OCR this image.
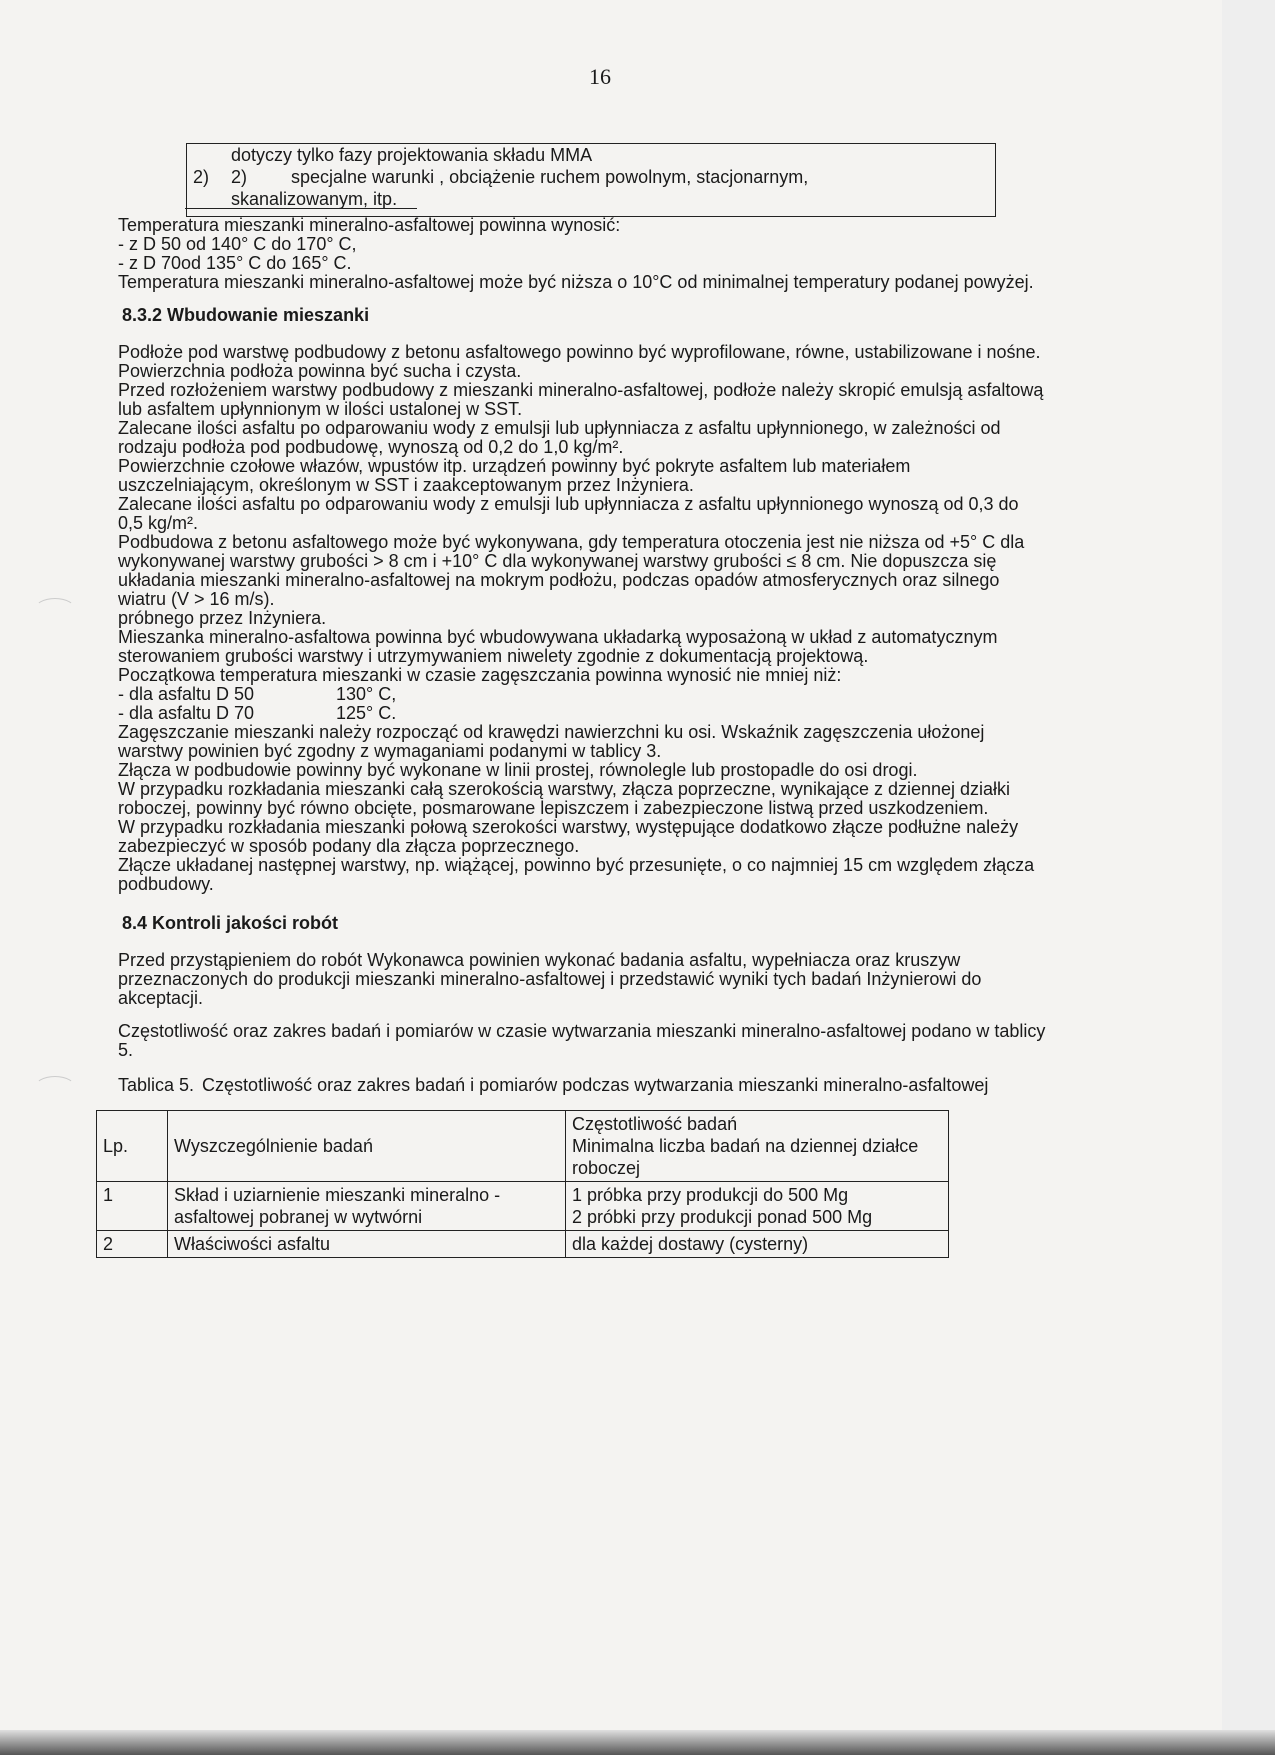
16
dotyczy tylko fazy projektowania składu MMA
2) 2) specjalne warunki , obciążenie ruchem powolnym, stacjonarnym,
skanalizowanym, itp.

Temperatura mieszanki mineralno-asfaltowej powinna wynosić:

- z D 50 od 140° C do 170° C,
- z D 70od 135° C do 165° C.

Temperatura mieszanki mineralno-asfaltowej może być niższa o 10°C od minimalnej temperatury podanej powyżej.

8.3.2 Wbudowanie mieszanki

Podłoże pod warstwę podbudowy z betonu asfaltowego powinno być wyprofilowane, równe, ustabilizowane i nośne.

Powierzchnia podłoża powinna być sucha i czysta.

Przed rozłożeniem warstwy podbudowy z mieszanki mineralno-asfaltowej, podłoże należy skropić emulsją asfaltową lub asfaltem upłynnionym w ilości ustalonej w SST.

Zalecane ilości asfaltu po odparowaniu wody z emulsji lub upłynniacza z asfaltu upłynnionego, w zależności od rodzaju podłoża pod podbudowę, wynoszą od 0,2 do 1,0 kg/m².

Powierzchnie czołowe włazów, wpustów itp. urządzeń powinny być pokryte asfaltem lub materiałem uszczelniającym, określonym w SST i zaakceptowanym przez Inżyniera.

Zalecane ilości asfaltu po odparowaniu wody z emulsji lub upłynniacza z asfaltu upłynnionego wynoszą od 0,3 do 0,5 kg/m².

Podbudowa z betonu asfaltowego może być wykonywana, gdy temperatura otoczenia jest nie niższa od +5° C dla wykonywanej warstwy grubości > 8 cm i +10° C dla wykonywanej warstwy grubości ≤ 8 cm. Nie dopuszcza się układania mieszanki mineralno-asfaltowej na mokrym podłożu, podczas opadów atmosferycznych oraz silnego wiatru (V > 16 m/s).

próbnego przez Inżyniera.

Mieszanka mineralno-asfaltowa powinna być wbudowywana układarką wyposażoną w układ z automatycznym sterowaniem grubości warstwy i utrzymywaniem niwelety zgodnie z dokumentacją projektową.

Początkowa temperatura mieszanki w czasie zagęszczania powinna wynosić nie mniej niż:

- dla asfaltu D 50	130° C,
- dla asfaltu D 70	125° C.

Zagęszczanie mieszanki należy rozpocząć od krawędzi nawierzchni ku osi. Wskaźnik zagęszczenia ułożonej warstwy powinien być zgodny z wymaganiami podanymi w tablicy 3.

Złącza w podbudowie powinny być wykonane w linii prostej, równolegle lub prostopadle do osi drogi.

W przypadku rozkładania mieszanki całą szerokością warstwy, złącza poprzeczne, wynikające z dziennej działki roboczej, powinny być równo obcięte, posmarowane lepiszczem i zabezpieczone listwą przed uszkodzeniem.

W przypadku rozkładania mieszanki połową szerokości warstwy, występujące dodatkowo złącze podłużne należy zabezpieczyć w sposób podany dla złącza poprzecznego.

Złącze układanej następnej warstwy, np. wiążącej, powinno być przesunięte, o co najmniej 15 cm względem złącza podbudowy.

8.4 Kontroli jakości robót

Przed przystąpieniem do robót Wykonawca powinien wykonać badania asfaltu, wypełniacza oraz kruszyw przeznaczonych do produkcji mieszanki mineralno-asfaltowej i przedstawić wyniki tych badań Inżynierowi do akceptacji.

Częstotliwość oraz zakres badań i pomiarów w czasie wytwarzania mieszanki mineralno-asfaltowej podano w tablicy 5.

Tablica 5. Częstotliwość oraz zakres badań i pomiarów podczas wytwarzania mieszanki mineralno-asfaltowej
Lp.	Wyszczególnienie badań	Częstotliwość badań
Minimalna liczba badań na dziennej działce roboczej

1	Skład i uziarnienie mieszanki mineralno - asfaltowej pobranej w wytwórni	1 próbka przy produkcji do 500 Mg
2 próbki przy produkcji ponad 500 Mg

2	Właściwości asfaltu	dla każdej dostawy (cysterny)
